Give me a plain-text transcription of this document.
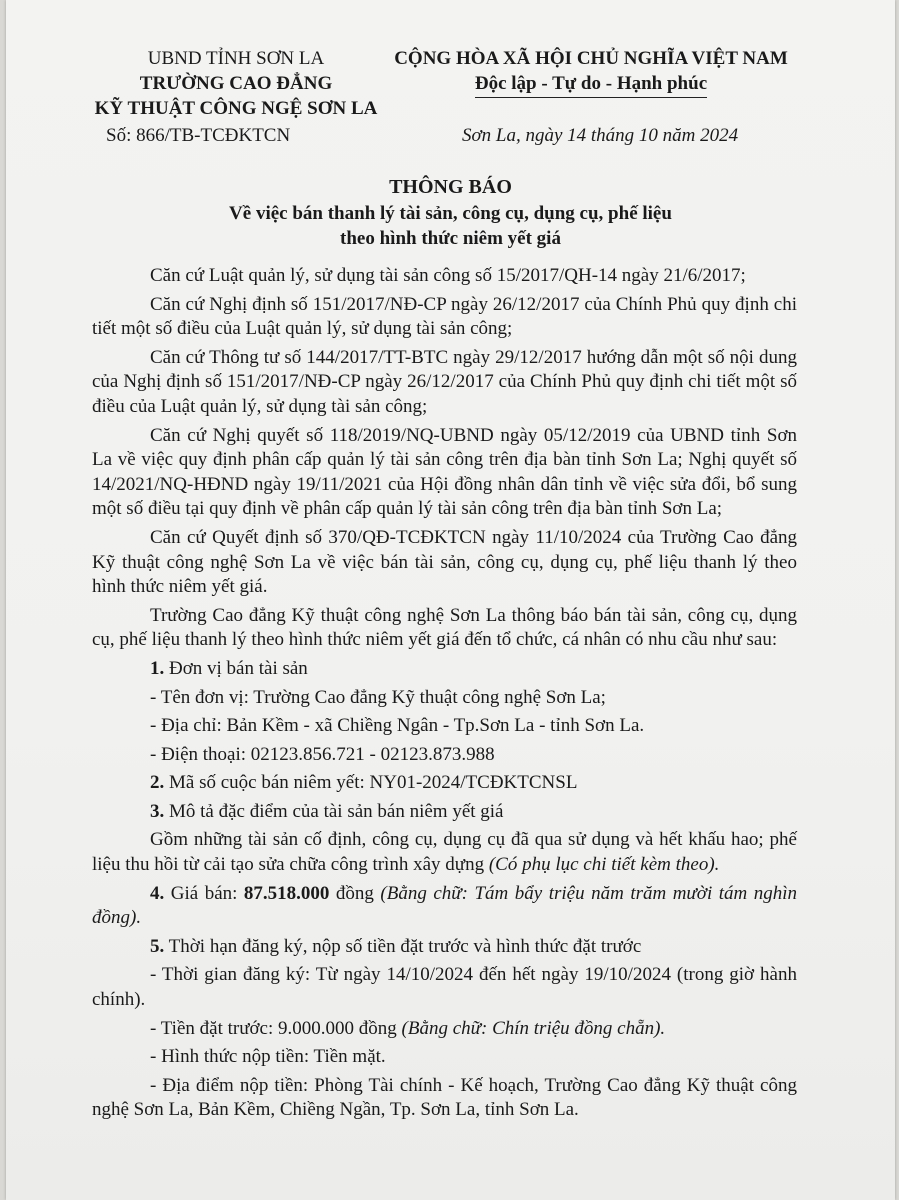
UBND TỈNH SƠN LA
TRƯỜNG CAO ĐẲNG
KỸ THUẬT CÔNG NGỆ SƠN LA
CỘNG HÒA XÃ HỘI CHỦ NGHĨA VIỆT NAM
Độc lập - Tự do - Hạnh phúc
Số: 866/TB-TCĐKTCN	Sơn La, ngày 14 tháng 10 năm 2024
THÔNG BÁO
Về việc bán thanh lý tài sản, công cụ, dụng cụ, phế liệu
theo hình thức niêm yết giá

Căn cứ Luật quản lý, sử dụng tài sản công số 15/2017/QH-14 ngày 21/6/2017;

Căn cứ Nghị định số 151/2017/NĐ-CP ngày 26/12/2017 của Chính Phủ quy định chi tiết một số điều của Luật quản lý, sử dụng tài sản công;

Căn cứ Thông tư số 144/2017/TT-BTC ngày 29/12/2017 hướng dẫn một số nội dung của Nghị định số 151/2017/NĐ-CP ngày 26/12/2017 của Chính Phủ quy định chi tiết một số điều của Luật quản lý, sử dụng tài sản công;

Căn cứ Nghị quyết số 118/2019/NQ-UBND ngày 05/12/2019 của UBND tỉnh Sơn La về việc quy định phân cấp quản lý tài sản công trên địa bàn tỉnh Sơn La; Nghị quyết số 14/2021/NQ-HĐND ngày 19/11/2021 của Hội đồng nhân dân tỉnh về việc sửa đổi, bổ sung một số điều tại quy định về phân cấp quản lý tài sản công trên địa bàn tỉnh Sơn La;

Căn cứ Quyết định số 370/QĐ-TCĐKTCN ngày 11/10/2024 của Trường Cao đẳng Kỹ thuật công nghệ Sơn La về việc bán tài sản, công cụ, dụng cụ, phế liệu thanh lý theo hình thức niêm yết giá.

Trường Cao đẳng Kỹ thuật công nghệ Sơn La thông báo bán tài sản, công cụ, dụng cụ, phế liệu thanh lý theo hình thức niêm yết giá đến tổ chức, cá nhân có nhu cầu như sau:

1. Đơn vị bán tài sản

- Tên đơn vị: Trường Cao đẳng Kỹ thuật công nghệ Sơn La;

- Địa chỉ: Bản Kềm - xã Chiềng Ngân - Tp.Sơn La - tỉnh Sơn La.

- Điện thoại: 02123.856.721 - 02123.873.988

2. Mã số cuộc bán niêm yết: NY01-2024/TCĐKTCNSL

3. Mô tả đặc điểm của tài sản bán niêm yết giá

Gồm những tài sản cố định, công cụ, dụng cụ đã qua sử dụng và hết khấu hao; phế liệu thu hồi từ cải tạo sửa chữa công trình xây dựng (Có phụ lục chi tiết kèm theo).

4. Giá bán: 87.518.000 đồng (Bằng chữ: Tám bẩy triệu năm trăm mười tám nghìn đồng).

5. Thời hạn đăng ký, nộp số tiền đặt trước và hình thức đặt trước

- Thời gian đăng ký: Từ ngày 14/10/2024 đến hết ngày 19/10/2024 (trong giờ hành chính).

- Tiền đặt trước: 9.000.000 đồng (Bằng chữ: Chín triệu đồng chẵn).

- Hình thức nộp tiền: Tiền mặt.

- Địa điểm nộp tiền: Phòng Tài chính - Kế hoạch, Trường Cao đẳng Kỹ thuật công nghệ Sơn La, Bản Kềm, Chiềng Ngần, Tp. Sơn La, tỉnh Sơn La.
